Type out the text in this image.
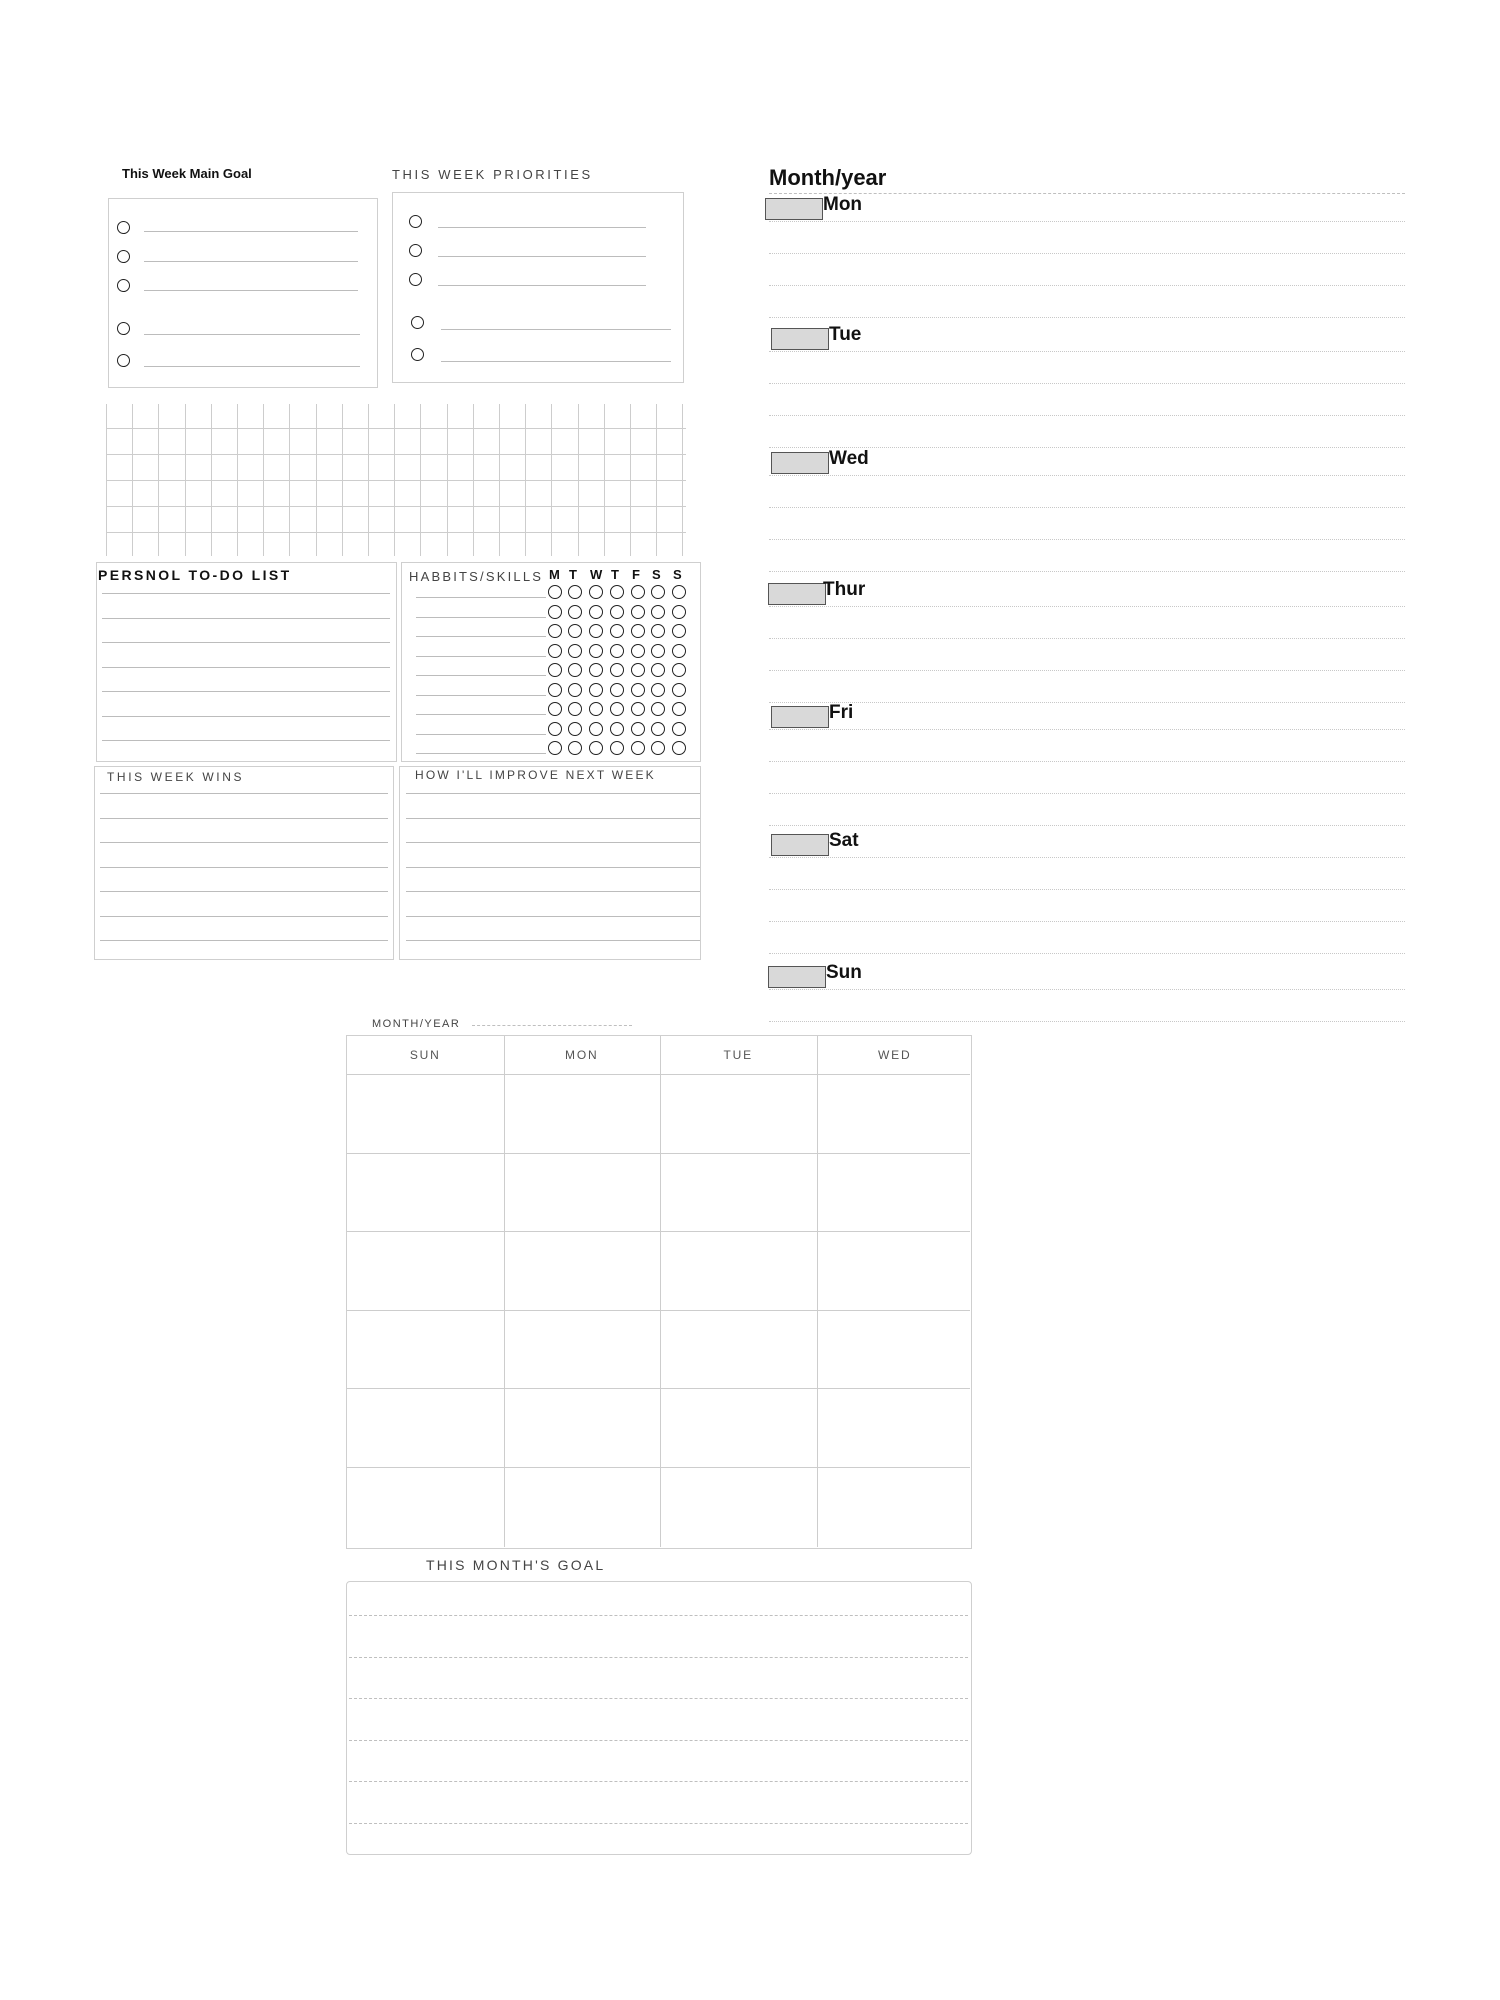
This Week Main Goal	THIS WEEK PRIORITIES
PERSNOL TO-DO LIST	HABBITS/SKILLS M T W T F S S
THIS WEEK WINS	HOW I'LL IMPROVE NEXT WEEK
Month/year
Mon
Tue
Wed
Thur
Fri
Sat
Sun
MONTH/YEAR
SUN	MON	TUE	WED
THIS MONTH'S GOAL
